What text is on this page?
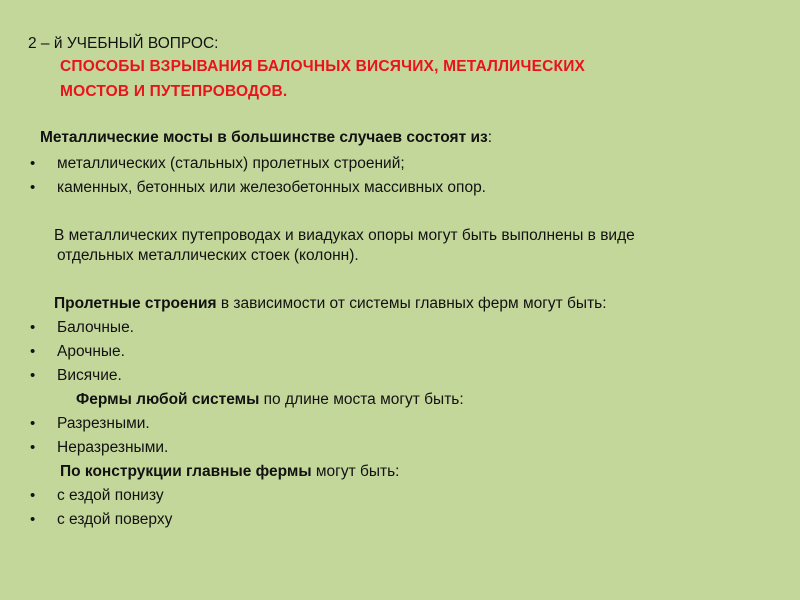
2 – й УЧЕБНЫЙ ВОПРОС:
СПОСОБЫ ВЗРЫВАНИЯ БАЛОЧНЫХ ВИСЯЧИХ, МЕТАЛЛИЧЕСКИХ
МОСТОВ И ПУТЕПРОВОДОВ.
Металлические мосты в большинстве случаев состоят из:
• металлических (стальных) пролетных строений;
• каменных, бетонных или железобетонных массивных опор.
В металлических путепроводах и виадуках опоры могут быть выполнены в виде
отдельных металлических стоек (колонн).
Пролетные строения в зависимости от системы главных ферм могут быть:
• Балочные.
• Арочные.
• Висячие.
Фермы любой системы по длине моста могут быть:
• Разрезными.
• Неразрезными.
По конструкции главные фермы могут быть:
• с ездой понизу
• с ездой поверху
